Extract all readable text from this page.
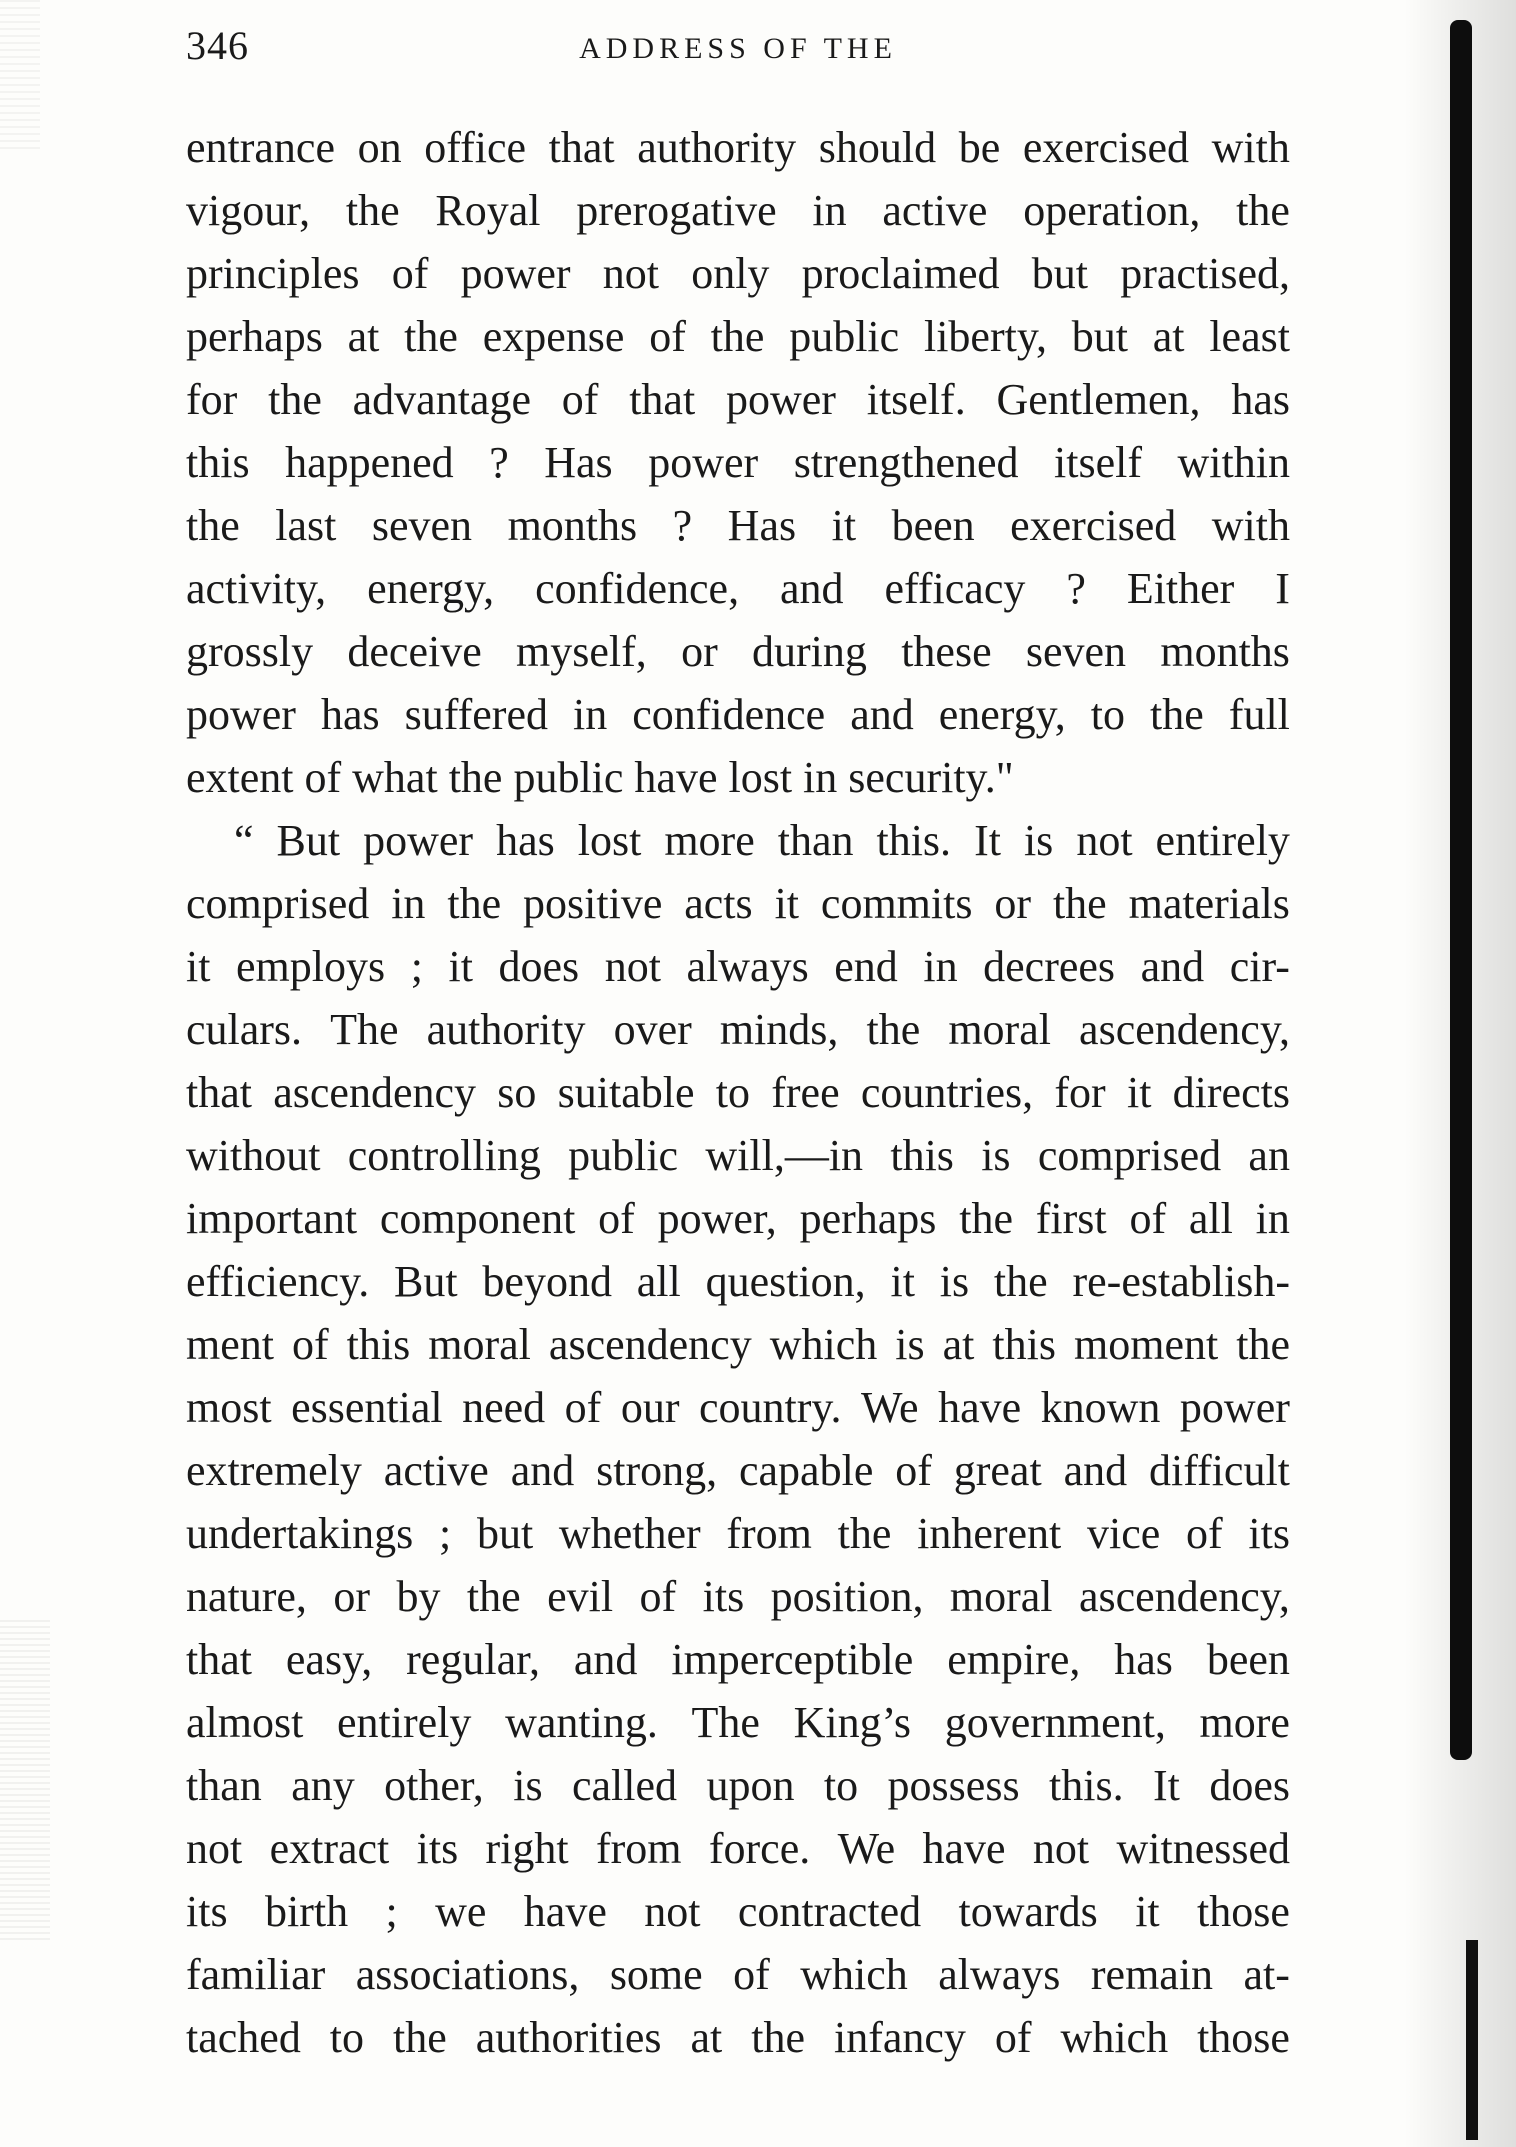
346	ADDRESS OF THE
entrance on office that authority should be exercised with
vigour, the Royal prerogative in active operation, the
principles of power not only proclaimed but practised,
perhaps at the expense of the public liberty, but at least
for the advantage of that power itself. Gentlemen, has
this happened ? Has power strengthened itself within
the last seven months ? Has it been exercised with
activity, energy, confidence, and efficacy ? Either I
grossly deceive myself, or during these seven months
power has suffered in confidence and energy, to the full
extent of what the public have lost in security."
“ But power has lost more than this. It is not entirely
comprised in the positive acts it commits or the materials
it employs ; it does not always end in decrees and cir-
culars. The authority over minds, the moral ascendency,
that ascendency so suitable to free countries, for it directs
without controlling public will,—in this is comprised an
important component of power, perhaps the first of all in
efficiency. But beyond all question, it is the re-establish-
ment of this moral ascendency which is at this moment the
most essential need of our country. We have known power
extremely active and strong, capable of great and difficult
undertakings ; but whether from the inherent vice of its
nature, or by the evil of its position, moral ascendency,
that easy, regular, and imperceptible empire, has been
almost entirely wanting. The King’s government, more
than any other, is called upon to possess this. It does
not extract its right from force. We have not witnessed
its birth ; we have not contracted towards it those
familiar associations, some of which always remain at-
tached to the authorities at the infancy of which those
